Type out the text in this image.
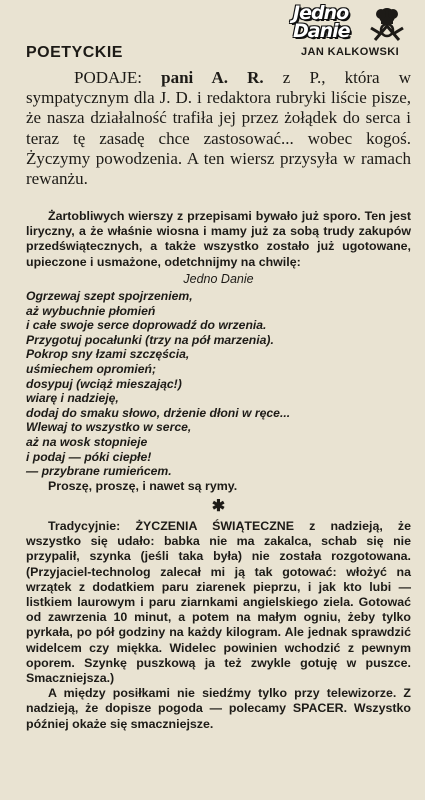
Jedno Danie
JAN KALKOWSKI
POETYCKIE

PODAJE: pani A. R. z P., która w sympatycznym dla J. D. i redaktora rubryki liście pisze, że nasza działalność trafiła jej przez żołądek do serca i teraz tę zasadę chce zastosować... wobec kogoś. Życzymy powodzenia. A ten wiersz przysyła w ramach rewanżu.

Żartobliwych wierszy z przepisami bywało już sporo. Ten jest liryczny, a że właśnie wiosna i mamy już za sobą trudy zakupów przedświątecznych, a także wszystko zostało już ugotowane, upieczone i usmażone, odetchnijmy na chwilę:

Jedno Danie
Ogrzewaj szept spojrzeniem,
aż wybuchnie płomień
i całe swoje serce doprowadź do wrzenia.
Przygotuj pocałunki (trzy na pół marzenia).
Pokrop sny łzami szczęścia,
uśmiechem opromień;
dosypuj (wciąż mieszając!)
wiarę i nadzieję,
dodaj do smaku słowo, drżenie dłoni w ręce...
Wlewaj to wszystko w serce,
aż na wosk stopnieje
i podaj — póki ciepłe!
— przybrane rumieńcem.

Proszę, proszę, i nawet są rymy.

✱

Tradycyjnie: ŻYCZENIA ŚWIĄTECZNE z nadzieją, że wszystko się udało: babka nie ma zakalca, schab się nie przypalił, szynka (jeśli taka była) nie została rozgotowana. (Przyjaciel-technolog zalecał mi ją tak gotować: włożyć na wrzątek z dodatkiem paru ziarenek pieprzu, i jak kto lubi — listkiem laurowym i paru ziarnkami angielskiego ziela. Gotować od zawrzenia 10 minut, a potem na małym ogniu, żeby tylko pyrkała, po pół godziny na każdy kilogram. Ale jednak sprawdzić widelcem czy miękka. Widelec powinien wchodzić z pewnym oporem. Szynkę puszkową ja też zwykle gotuję w puszce. Smaczniejsza.)

A między posiłkami nie siedźmy tylko przy telewizorze. Z nadzieją, że dopisze pogoda — polecamy SPACER. Wszystko później okaże się smaczniejsze.
